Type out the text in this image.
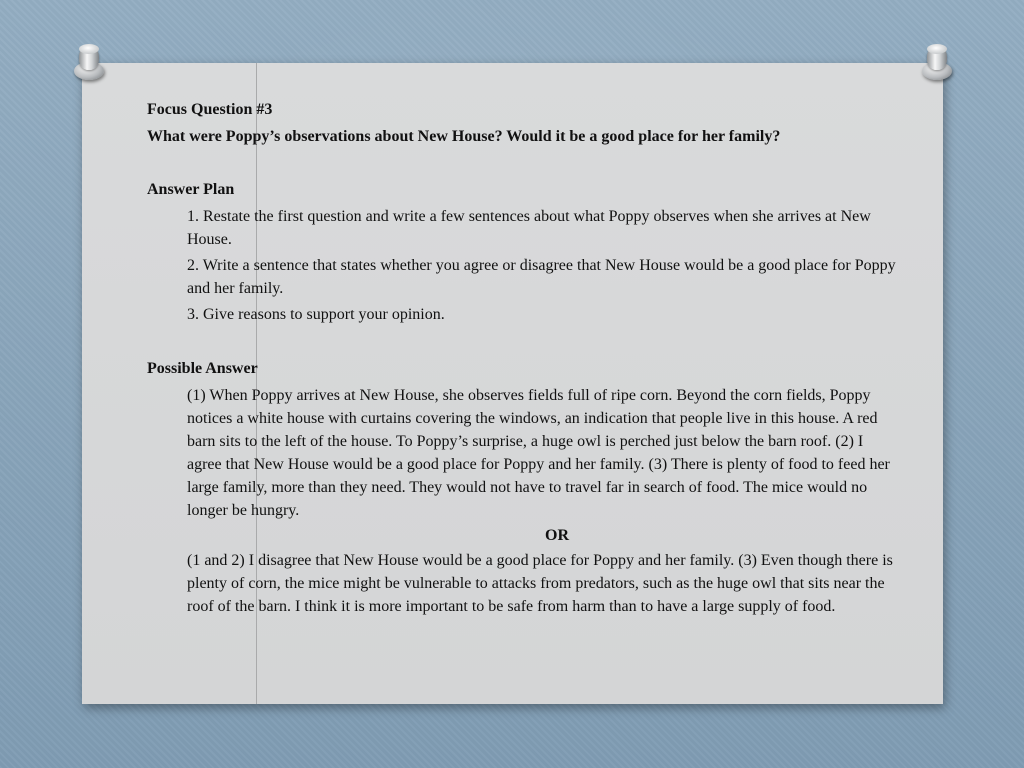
Focus Question #3

What were Poppy’s observations about New House? Would it be a good place for her family?

Answer Plan

1. Restate the first question and write a few sentences about what Poppy observes when she arrives at New House.

2. Write a sentence that states whether you agree or disagree that New House would be a good place for Poppy and her family.

3. Give reasons to support your opinion.

Possible Answer

(1) When Poppy arrives at New House, she observes fields full of ripe corn. Beyond the corn fields, Poppy notices a white house with curtains covering the windows, an indication that people live in this house. A red barn sits to the left of the house. To Poppy’s surprise, a huge owl is perched just below the barn roof. (2) I agree that New House would be a good place for Poppy and her family. (3) There is plenty of food to feed her large family, more than they need. They would not have to travel far in search of food. The mice would no longer be hungry.

OR

(1 and 2) I disagree that New House would be a good place for Poppy and her family. (3) Even though there is plenty of corn, the mice might be vulnerable to attacks from predators, such as the huge owl that sits near the roof of the barn. I think it is more important to be safe from harm than to have a large supply of food.
